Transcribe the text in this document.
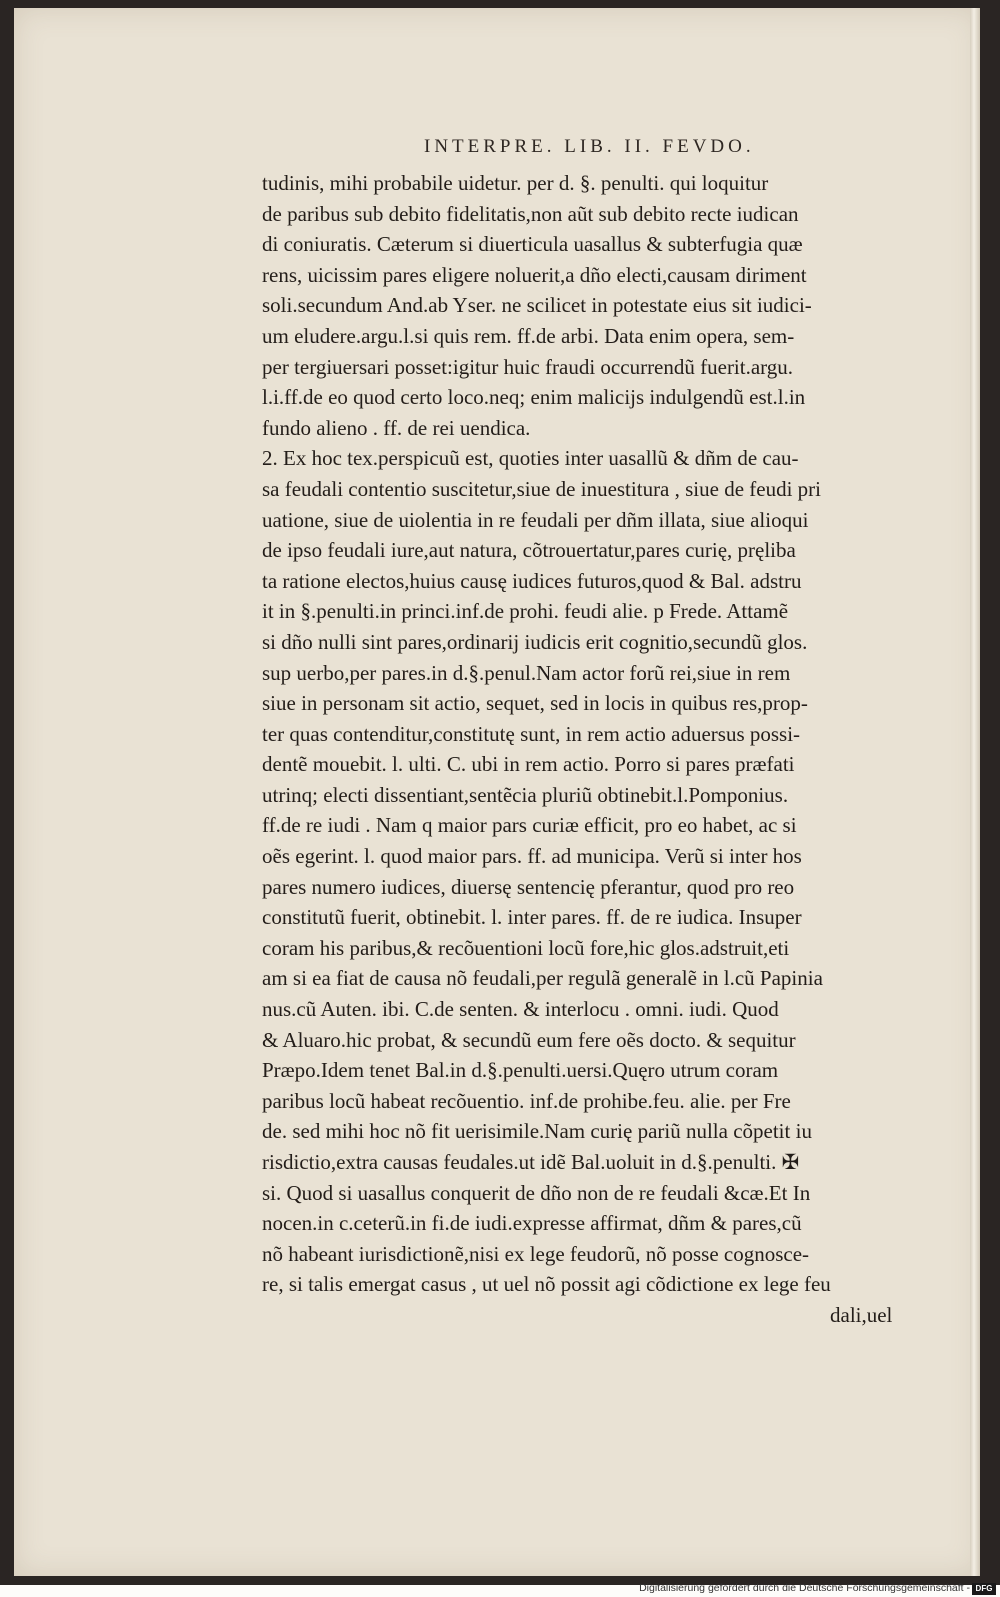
INTERPRE. LIB. II. FEVDO.
tudinis, mihi probabile uidetur. per d. §. penulti. qui loquitur
de paribus sub debito fidelitatis,non aũt sub debito recte iudican
di coniuratis. Cæterum si diuerticula uasallus & subterfugia quæ
rens, uicissim pares eligere noluerit,a dño electi,causam diriment
soli.secundum And.ab Yser. ne scilicet in potestate eius sit iudici-
um eludere.argu.l.si quis rem. ff.de arbi. Data enim opera, sem-
per tergiuersari posset:igitur huic fraudi occurrendũ fuerit.argu.
l.i.ff.de eo quod certo loco.neq; enim malicijs indulgendũ est.l.in
fundo alieno . ff. de rei uendica.
2. Ex hoc tex.perspicuũ est, quoties inter uasallũ & dñm de cau-
sa feudali contentio suscitetur,siue de inuestitura , siue de feudi pri
uatione, siue de uiolentia in re feudali per dñm illata, siue alioqui
de ipso feudali iure,aut natura, cõtrouertatur,pares curię, pręliba
ta ratione electos,huius causę iudices futuros,quod & Bal. adstru
it in §.penulti.in princi.inf.de prohi. feudi alie. p Frede. Attamẽ
si dño nulli sint pares,ordinarij iudicis erit cognitio,secundũ glos.
sup uerbo,per pares.in d.§.penul.Nam actor forũ rei,siue in rem
siue in personam sit actio, sequet, sed in locis in quibus res,prop-
ter quas contenditur,constitutę sunt, in rem actio aduersus possi-
dentẽ mouebit. l. ulti. C. ubi in rem actio. Porro si pares præfati
utrinq; electi dissentiant,sentẽcia pluriũ obtinebit.l.Pomponius.
ff.de re iudi . Nam q maior pars curiæ efficit, pro eo habet, ac si
oẽs egerint. l. quod maior pars. ff. ad municipa. Verũ si inter hos
pares numero iudices, diuersę sentencię pferantur, quod pro reo
constitutũ fuerit, obtinebit. l. inter pares. ff. de re iudica. Insuper
coram his paribus,& recõuentioni locũ fore,hic glos.adstruit,eti
am si ea fiat de causa nõ feudali,per regulã generalẽ in l.cũ Papinia
nus.cũ Auten. ibi. C.de senten. & interlocu . omni. iudi. Quod
& Aluaro.hic probat, & secundũ eum fere oẽs docto. & sequitur
Præpo.Idem tenet Bal.in d.§.penulti.uersi.Quęro utrum coram
paribus locũ habeat recõuentio. inf.de prohibe.feu. alie. per Fre
de. sed mihi hoc nõ fit uerisimile.Nam curię pariũ nulla cõpetit iu
risdictio,extra causas feudales.ut idẽ Bal.uoluit in d.§.penulti. ✠
si. Quod si uasallus conquerit de dño non de re feudali &cæ.Et In
nocen.in c.ceterũ.in fi.de iudi.expresse affirmat, dñm & pares,cũ
nõ habeant iurisdictionẽ,nisi ex lege feudorũ, nõ posse cognosce-
re, si talis emergat casus , ut uel nõ possit agi cõdictione ex lege feu
dali,uel
Digitalisierung gefördert durch die Deutsche Forschungsgemeinschaft - DFG
